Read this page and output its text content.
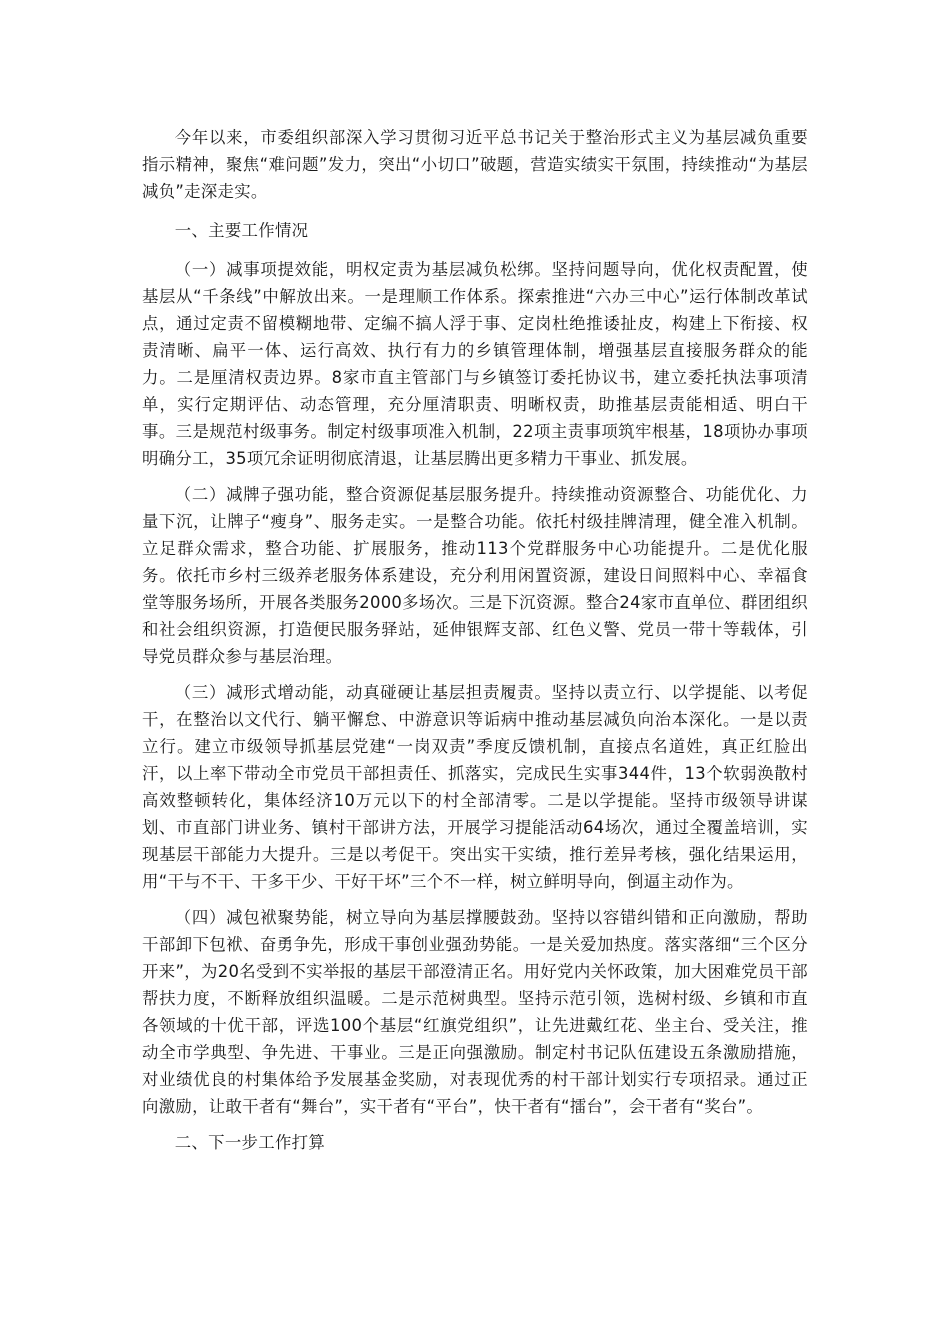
今年以来，市委组织部深入学习贯彻习近平总书记关于整治形式主义为基层减负重要指示精神，聚焦“难问题”发力，突出“小切口”破题，营造实绩实干氛围，持续推动“为基层减负”走深走实。

一、主要工作情况

（一）减事项提效能，明权定责为基层减负松绑。坚持问题导向，优化权责配置，使基层从“千条线”中解放出来。一是理顺工作体系。探索推进“六办三中心”运行体制改革试点，通过定责不留模糊地带、定编不搞人浮于事、定岗杜绝推诿扯皮，构建上下衔接、权责清晰、扁平一体、运行高效、执行有力的乡镇管理体制，增强基层直接服务群众的能力。二是厘清权责边界。8家市直主管部门与乡镇签订委托协议书，建立委托执法事项清单，实行定期评估、动态管理，充分厘清职责、明晰权责，助推基层责能相适、明白干事。三是规范村级事务。制定村级事项准入机制，22项主责事项筑牢根基，18项协办事项明确分工，35项冗余证明彻底清退，让基层腾出更多精力干事业、抓发展。

（二）减牌子强功能，整合资源促基层服务提升。持续推动资源整合、功能优化、力量下沉，让牌子“瘦身”、服务走实。一是整合功能。依托村级挂牌清理，健全准入机制。立足群众需求，整合功能、扩展服务，推动113个党群服务中心功能提升。二是优化服务。依托市乡村三级养老服务体系建设，充分利用闲置资源，建设日间照料中心、幸福食堂等服务场所，开展各类服务2000多场次。三是下沉资源。整合24家市直单位、群团组织和社会组织资源，打造便民服务驿站，延伸银辉支部、红色义警、党员一带十等载体，引导党员群众参与基层治理。

（三）减形式增动能，动真碰硬让基层担责履责。坚持以责立行、以学提能、以考促干，在整治以文代行、躺平懈怠、中游意识等诟病中推动基层减负向治本深化。一是以责立行。建立市级领导抓基层党建“一岗双责”季度反馈机制，直接点名道姓，真正红脸出汗，以上率下带动全市党员干部担责任、抓落实，完成民生实事344件，13个软弱涣散村高效整顿转化，集体经济10万元以下的村全部清零。二是以学提能。坚持市级领导讲谋划、市直部门讲业务、镇村干部讲方法，开展学习提能活动64场次，通过全覆盖培训，实现基层干部能力大提升。三是以考促干。突出实干实绩，推行差异考核，强化结果运用，用“干与不干、干多干少、干好干坏”三个不一样，树立鲜明导向，倒逼主动作为。

（四）减包袱聚势能，树立导向为基层撑腰鼓劲。坚持以容错纠错和正向激励，帮助干部卸下包袱、奋勇争先，形成干事创业强劲势能。一是关爱加热度。落实落细“三个区分开来”，为20名受到不实举报的基层干部澄清正名。用好党内关怀政策，加大困难党员干部帮扶力度，不断释放组织温暖。二是示范树典型。坚持示范引领，选树村级、乡镇和市直各领域的十优干部，评选100个基层“红旗党组织”，让先进戴红花、坐主台、受关注，推动全市学典型、争先进、干事业。三是正向强激励。制定村书记队伍建设五条激励措施，对业绩优良的村集体给予发展基金奖励，对表现优秀的村干部计划实行专项招录。通过正向激励，让敢干者有“舞台”，实干者有“平台”，快干者有“擂台”，会干者有“奖台”。

二、下一步工作打算
